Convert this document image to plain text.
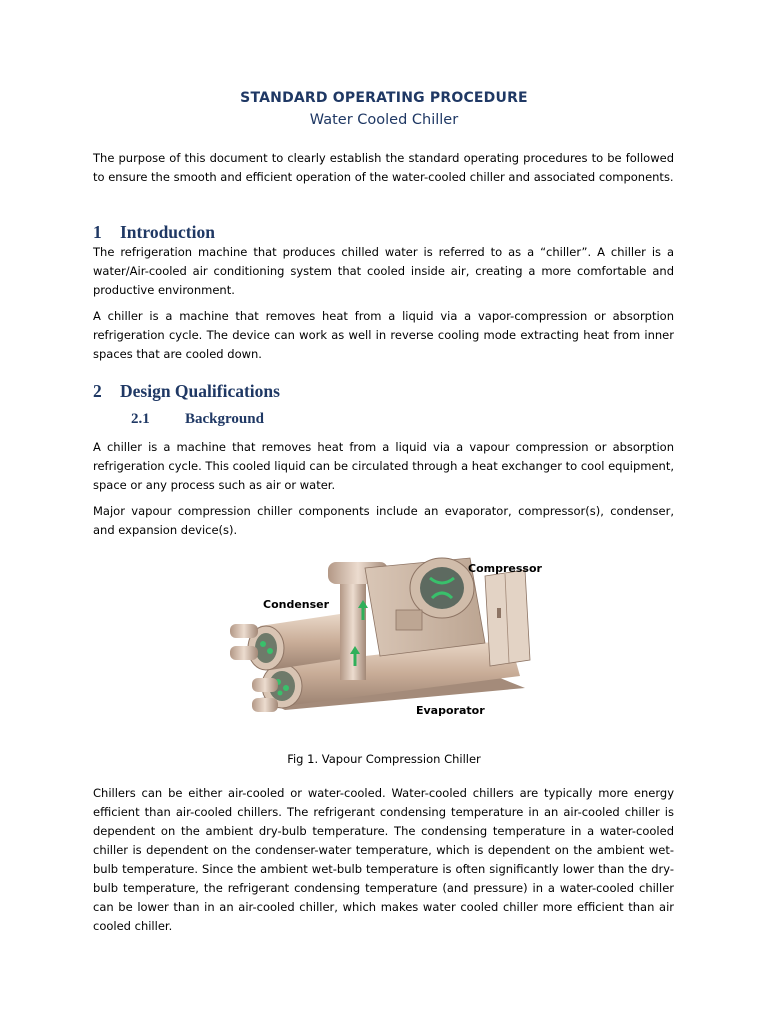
STANDARD OPERATING PROCEDURE
Water Cooled Chiller

The purpose of this document to clearly establish the standard operating procedures to be followed to ensure the smooth and efficient operation of the water-cooled chiller and associated components.

1 Introduction

The refrigeration machine that produces chilled water is referred to as a “chiller”. A chiller is a water/Air-cooled air conditioning system that cooled inside air, creating a more comfortable and productive environment.

A chiller is a machine that removes heat from a liquid via a vapor-compression or absorption refrigeration cycle. The device can work as well in reverse cooling mode extracting heat from inner spaces that are cooled down.

2 Design Qualifications
2.1 Background

A chiller is a machine that removes heat from a liquid via a vapour compression or absorption refrigeration cycle. This cooled liquid can be circulated through a heat exchanger to cool equipment, space or any process such as air or water.

Major vapour compression chiller components include an evaporator, compressor(s), condenser, and expansion device(s).

Compressor
Condenser
Evaporator
Fig 1. Vapour Compression Chiller

Chillers can be either air-cooled or water-cooled. Water-cooled chillers are typically more energy efficient than air-cooled chillers. The refrigerant condensing temperature in an air-cooled chiller is dependent on the ambient dry-bulb temperature. The condensing temperature in a water-cooled chiller is dependent on the condenser-water temperature, which is dependent on the ambient wet-bulb temperature. Since the ambient wet-bulb temperature is often significantly lower than the dry-bulb temperature, the refrigerant condensing temperature (and pressure) in a water-cooled chiller can be lower than in an air-cooled chiller, which makes water cooled chiller more efficient than air cooled chiller.
